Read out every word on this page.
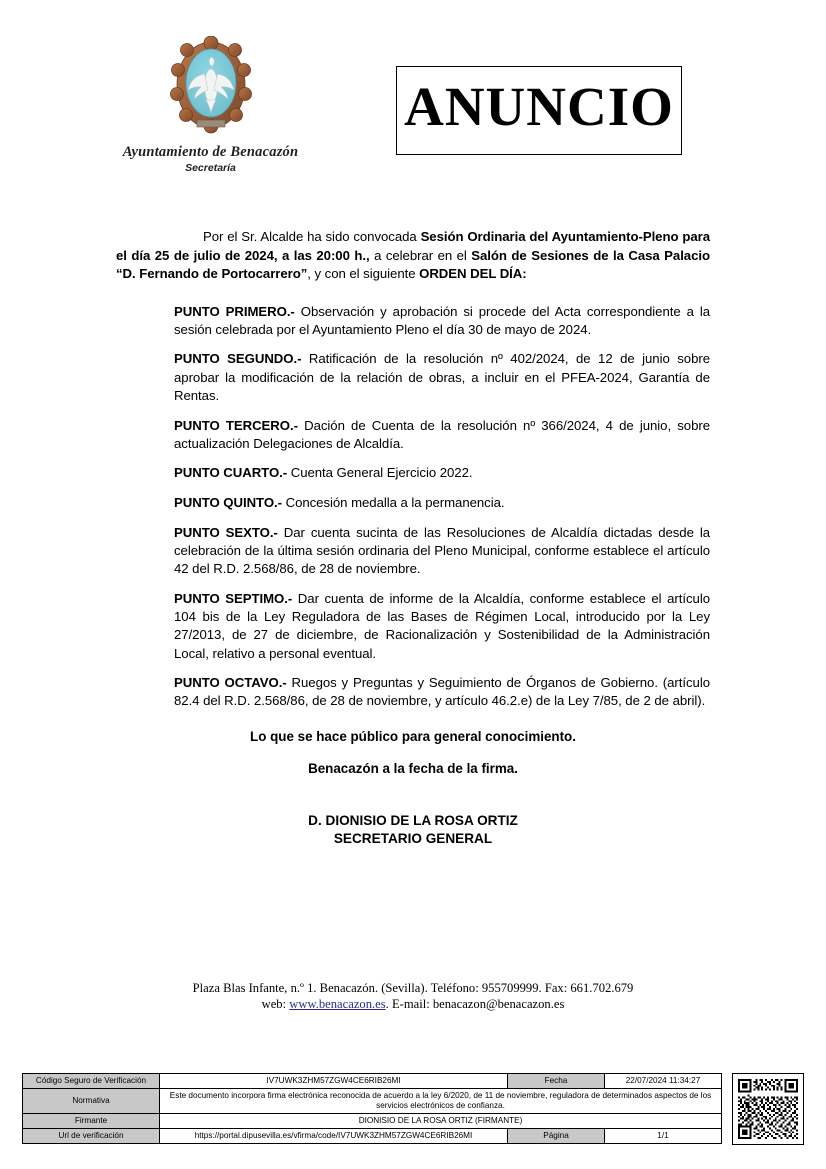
Ayuntamiento de Benacazón
Secretaría
ANUNCIO

Por el Sr. Alcalde ha sido convocada Sesión Ordinaria del Ayuntamiento-Pleno para el día 25 de julio de 2024, a las 20:00 h., a celebrar en el Salón de Sesiones de la Casa Palacio “D. Fernando de Portocarrero”, y con el siguiente ORDEN DEL DÍA:

· PUNTO PRIMERO.- Observación y aprobación si procede del Acta correspondiente a la sesión celebrada por el Ayuntamiento Pleno el día 30 de mayo de 2024.
· PUNTO SEGUNDO.- Ratificación de la resolución nº 402/2024, de 12 de junio sobre aprobar la modificación de la relación de obras, a incluir en el PFEA-2024, Garantía de Rentas.
· PUNTO TERCERO.- Dación de Cuenta de la resolución nº 366/2024, 4 de junio, sobre actualización Delegaciones de Alcaldía.
· PUNTO CUARTO.- Cuenta General Ejercicio 2022.
· PUNTO QUINTO.- Concesión medalla a la permanencia.
· PUNTO SEXTO.- Dar cuenta sucinta de las Resoluciones de Alcaldía dictadas desde la celebración de la última sesión ordinaria del Pleno Municipal, conforme establece el artículo 42 del R.D. 2.568/86, de 28 de noviembre.
· PUNTO SEPTIMO.- Dar cuenta de informe de la Alcaldía, conforme establece el artículo 104 bis de la Ley Reguladora de las Bases de Régimen Local, introducido por la Ley 27/2013, de 27 de diciembre, de Racionalización y Sostenibilidad de la Administración Local, relativo a personal eventual.
· PUNTO OCTAVO.- Ruegos y Preguntas y Seguimiento de Órganos de Gobierno. (artículo 82.4 del R.D. 2.568/86, de 28 de noviembre, y artículo 46.2.e) de la Ley 7/85, de 2 de abril).
Lo que se hace público para general conocimiento.
Benacazón a la fecha de la firma.
D. DIONISIO DE LA ROSA ORTIZ
SECRETARIO GENERAL
Plaza Blas Infante, n.º 1. Benacazón. (Sevilla). Teléfono: 955709999. Fax: 661.702.679
web: www.benacazon.es. E-mail: benacazon@benacazon.es
Código Seguro de Verificación	IV7UWK3ZHM57ZGW4CE6RIB26MI	Fecha	22/07/2024 11:34:27
Normativa	Este documento incorpora firma electrónica reconocida de acuerdo a la ley 6/2020, de 11 de noviembre, reguladora de determinados aspectos de los servicios electrónicos de confianza.		
Firmante	DIONISIO DE LA ROSA ORTIZ (FIRMANTE)		
Url de verificación	https://portal.dipusevilla.es/vfirma/code/IV7UWK3ZHM57ZGW4CE6RIB26MI	Página	1/1
